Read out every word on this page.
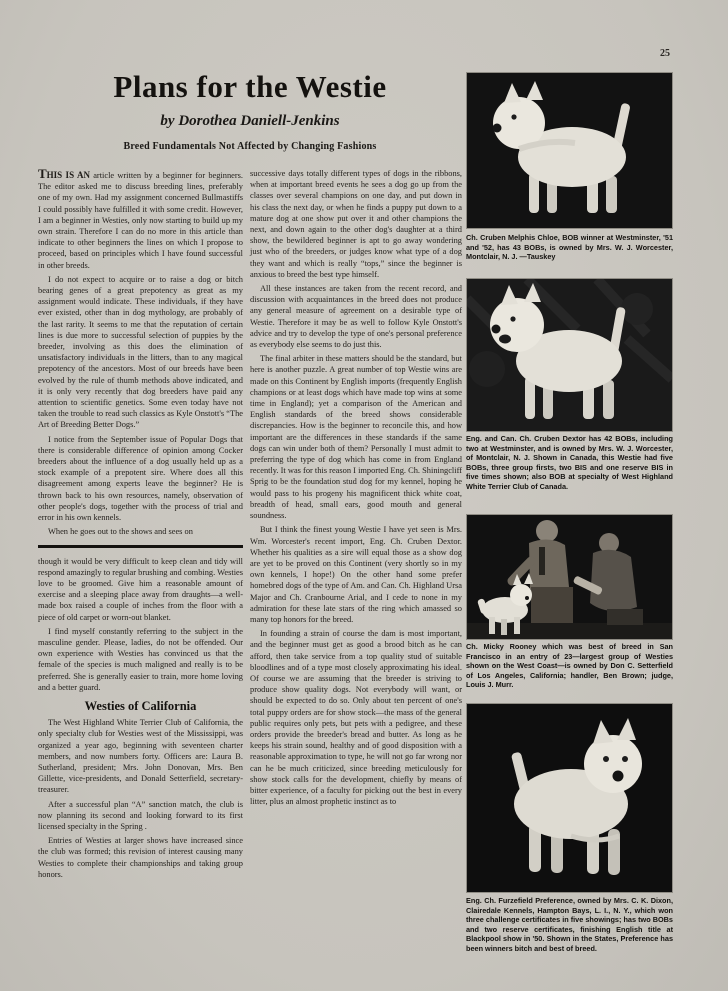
25
Plans for the Westie
by Dorothea Daniell-Jenkins
Breed Fundamentals Not Affected by Changing Fashions

THIS IS AN article written by a beginner for beginners. The editor asked me to discuss breeding lines, preferably one of my own. Had my assignment concerned Bullmastiffs I could possibly have fulfilled it with some credit. However, I am a beginner in Westies, only now starting to build up my own strain. Therefore I can do no more in this article than indicate to other beginners the lines on which I propose to proceed, based on principles which I have found successful in other breeds.

I do not expect to acquire or to raise a dog or bitch bearing genes of a great prepotency as great as my assignment would indicate. These individuals, if they have ever existed, other than in dog mythology, are probably of the last rarity. It seems to me that the reputation of certain lines is due more to successful selection of puppies by the breeder, involving as this does the elimination of unsatisfactory individuals in the litters, than to any magical prepotency of the ancestors. Most of our breeds have been evolved by the rule of thumb methods above indicated, and it is only very recently that dog breeders have paid any attention to scientific genetics. Some even today have not taken the trouble to read such classics as Kyle Onstott's “The Art of Breeding Better Dogs.”

I notice from the September issue of Popular Dogs that there is considerable difference of opinion among Cocker breeders about the influence of a dog usually held up as a stock example of a prepotent sire. Where does all this disagreement among experts leave the beginner? He is thrown back to his own resources, namely, observation of other people's dogs, together with the process of trial and error in his own kennels.

When he goes out to the shows and sees on

though it would be very difficult to keep clean and tidy will respond amazingly to regular brushing and combing. Westies love to be groomed. Give him a reasonable amount of exercise and a sleeping place away from draughts—a well-made box raised a couple of inches from the floor with a piece of old carpet or worn-out blanket.

I find myself constantly referring to the subject in the masculine gender. Please, ladies, do not be offended. Our own experience with Westies has convinced us that the female of the species is much maligned and really is to be preferred. She is generally easier to train, more home loving and a better guard.

Westies of California

The West Highland White Terrier Club of California, the only specialty club for Westies west of the Mississippi, was organized a year ago, beginning with seventeen charter members, and now numbers forty. Officers are: Laura B. Sutherland, president; Mrs. John Donovan, Mrs. Ben Gillette, vice-presidents, and Donald Setterfield, secretary-treasurer.

After a successful plan “A” sanction match, the club is now planning its second and looking forward to its first licensed specialty in the Spring .

Entries of Westies at larger shows have increased since the club was formed; this revision of interest causing many Westies to complete their championships and taking group honors.

successive days totally different types of dogs in the ribbons, when at important breed events he sees a dog go up from the classes over several champions on one day, and put down in his class the next day, or when he finds a puppy put down to a mature dog at one show put over it and other champions the next, and down again to the other dog's daughter at a third show, the bewildered beginner is apt to go away wondering just who of the breeders, or judges know what type of a dog they want and which is really “tops,” since the beginner is anxious to breed the best type himself.

All these instances are taken from the recent record, and discussion with acquaintances in the breed does not produce any general measure of agreement on a desirable type of Westie. Therefore it may be as well to follow Kyle Onstott's advice and try to develop the type of one's personal preference as everybody else seems to do just this.

The final arbiter in these matters should be the standard, but here is another puzzle. A great number of top Westie wins are made on this Continent by English imports (frequently English champions or at least dogs which have made top wins at some time in England); yet a comparison of the American and English standards of the breed shows considerable discrepancies. How is the beginner to reconcile this, and how important are the differences in these standards if the same dogs can win under both of them? Personally I must admit to preferring the type of dog which has come in from England recently. It was for this reason I imported Eng. Ch. Shiningcliff Sprig to be the foundation stud dog for my kennel, hoping he would pass to his progeny his magnificent thick white coat, breadth of head, small ears, good mouth and general soundness.

But I think the finest young Westie I have yet seen is Mrs. Wm. Worcester's recent import, Eng. Ch. Cruben Dextor. Whether his qualities as a sire will equal those as a show dog are yet to be proved on this Continent (very shortly so in my own kennels, I hope!) On the other hand some prefer homebred dogs of the type of Am. and Can. Ch. Highland Ursa Major and Ch. Cranbourne Arial, and I cede to none in my admiration for these late stars of the ring which amassed so many top honors for the breed.

In founding a strain of course the dam is most important, and the beginner must get as good a brood bitch as he can afford, then take service from a top quality stud of suitable bloodlines and of a type most closely approximating his ideal. Of course we are assuming that the breeder is striving to produce show quality dogs. Not everybody will want, or should be expected to do so. Only about ten percent of one's total puppy orders are for show stock—the mass of the general public requires only pets, but pets with a pedigree, and these orders provide the breeder's bread and butter. As long as he keeps his strain sound, healthy and of good disposition with a reasonable approximation to type, he will not go far wrong nor can he be much criticized, since breeding meticulously for show stock calls for the development, chiefly by means of bitter experience, of a faculty for picking out the best in every litter, plus an almost prophetic instinct as to

Ch. Cruben Melphis Chloe, BOB winner at Westminster, '51 and '52, has 43 BOBs, is owned by Mrs. W. J. Worcester, Montclair, N. J. —Tauskey
Eng. and Can. Ch. Cruben Dextor has 42 BOBs, including two at Westminster, and is owned by Mrs. W. J. Worcester, of Montclair, N. J. Shown in Canada, this Westie had five BOBs, three group firsts, two BIS and one reserve BIS in five times shown; also BOB at specialty of West Highland White Terrier Club of Canada.
Ch. Micky Rooney which was best of breed in San Francisco in an entry of 23—largest group of Westies shown on the West Coast—is owned by Don C. Setterfield of Los Angeles, California; handler, Ben Brown; judge, Louis J. Murr.
Eng. Ch. Furzefield Preference, owned by Mrs. C. K. Dixon, Clairedale Kennels, Hampton Bays, L. I., N. Y., which won three challenge certificates in five showings; has two BOBs and two reserve certificates, finishing English title at Blackpool show in '50. Shown in the States, Preference has been winners bitch and best of breed.
